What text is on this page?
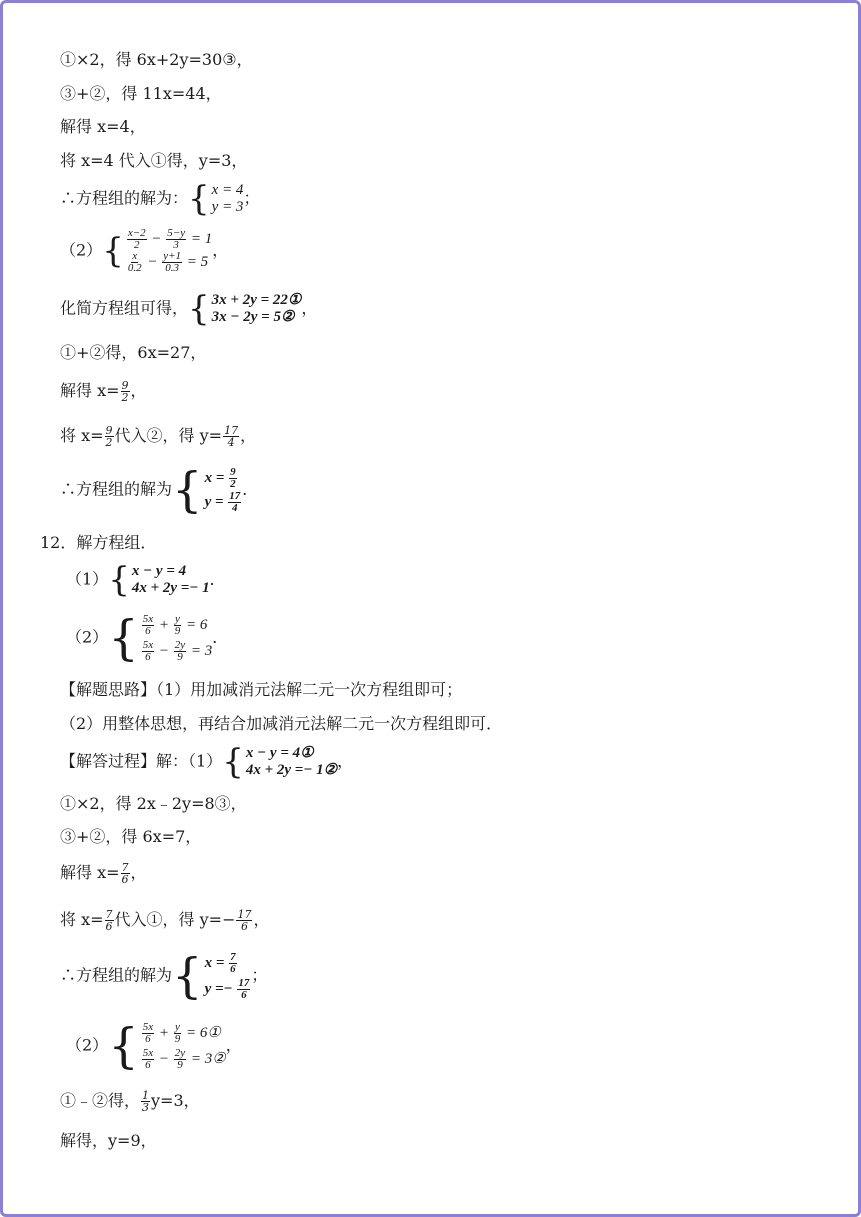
①×2，得 6x+2y=30③，
③+②，得 11x=44，
解得 x=4，
将 x=4 代入①得，y=3，
∴方程组的解为： { x = 4
y = 3 ；
（2） { $\frac{x-2}{2} - \frac{5-y}{3} = 1$
$\frac{x}{0.2} - \frac{y+1}{0.3} = 5$
，
化简方程组可得， { 3x + 2y = 22①
3x − 2y = 5② ，
①+②得，6x=27，
解得 $x= \frac{9}{2}$ ，
将 $x= \frac{9}{2}$ 代入②，得 $y= \frac{17}{4}$ ，
∴方程组的解为 { $x = \frac{9}{2}$
$y = \frac{17}{4}$
．
12．解方程组．
（1） { x − y = 4
4x + 2y =− 1 ．
（2） { $\frac{5x}{6} + \frac{y}{9} = 6$
$\frac{5x}{6} - \frac{2y}{9} = 3$
．
【解题思路】（1）用加减消元法解二元一次方程组即可；
（2）用整体思想，再结合加减消元法解二元一次方程组即可．
【解答过程】解：（1） { x − y = 4①
4x + 2y =− 1② ，
①×2，得 2x﹣2y=8③，
③+②，得 6x=7，
解得 $x= \frac{7}{6}$ ，
将 $x= \frac{7}{6}$ 代入①，得 $y=- \frac{17}{6}$ ，
∴方程组的解为 { $x = \frac{7}{6}$
$y =- \frac{17}{6}$
；
（2） { $\frac{5x}{6} + \frac{y}{9}$ = 6①
$\frac{5x}{6} - \frac{2y}{9}$ = 3②
，
①﹣②得， $\frac{1}{3} y=3$，
解得，y=9，
